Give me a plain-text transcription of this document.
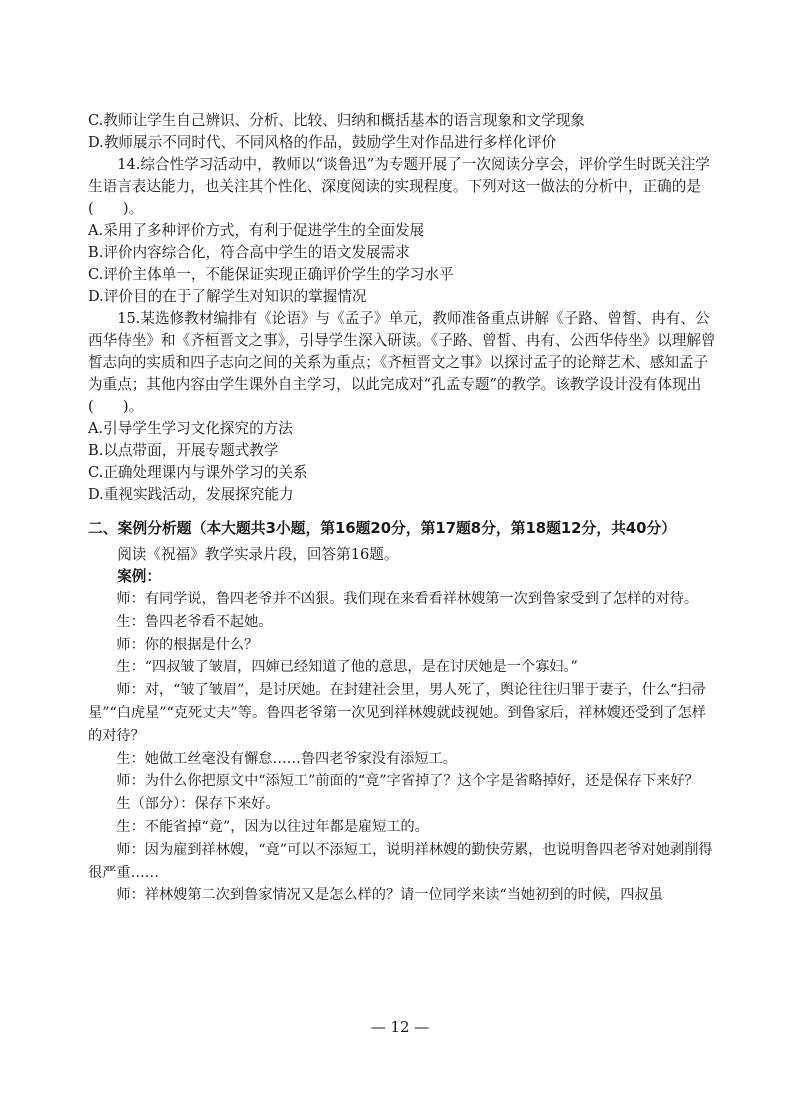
C.教师让学生自己辨识、分析、比较、归纳和概括基本的语言现象和文学现象
D.教师展示不同时代、不同风格的作品，鼓励学生对作品进行多样化评价
14.综合性学习活动中，教师以“谈鲁迅”为专题开展了一次阅读分享会，评价学生时既关注学生语言表达能力，也关注其个性化、深度阅读的实现程度。下列对这一做法的分析中，正确的是(　　)。
A.采用了多种评价方式，有利于促进学生的全面发展
B.评价内容综合化，符合高中学生的语文发展需求
C.评价主体单一，不能保证实现正确评价学生的学习水平
D.评价目的在于了解学生对知识的掌握情况
15.某选修教材编排有《论语》与《孟子》单元，教师准备重点讲解《子路、曾皙、冉有、公西华侍坐》和《齐桓晋文之事》，引导学生深入研读。《子路、曾皙、冉有、公西华侍坐》以理解曾皙志向的实质和四子志向之间的关系为重点；《齐桓晋文之事》以探讨孟子的论辩艺术、感知孟子为重点；其他内容由学生课外自主学习，以此完成对“孔孟专题”的教学。该教学设计没有体现出(　　)。
A.引导学生学习文化探究的方法
B.以点带面，开展专题式教学
C.正确处理课内与课外学习的关系
D.重视实践活动，发展探究能力
二、案例分析题（本大题共3小题，第16题20分，第17题8分，第18题12分，共40分）
阅读《祝福》教学实录片段，回答第16题。
案例：
师：有同学说，鲁四老爷并不凶狠。我们现在来看看祥林嫂第一次到鲁家受到了怎样的对待。
生：鲁四老爷看不起她。
师：你的根据是什么？
生：“四叔皱了皱眉，四婶已经知道了他的意思，是在讨厌她是一个寡妇。”
师：对，“皱了皱眉”，是讨厌她。在封建社会里，男人死了，舆论往往归罪于妻子，什么“扫帚星”“白虎星”“克死丈夫”等。鲁四老爷第一次见到祥林嫂就歧视她。到鲁家后，祥林嫂还受到了怎样的对待？
生：她做工丝毫没有懈怠……鲁四老爷家没有添短工。
师：为什么你把原文中“添短工”前面的“竟”字省掉了？这个字是省略掉好，还是保存下来好？
生（部分）：保存下来好。
生：不能省掉“竟”，因为以往过年都是雇短工的。
师：因为雇到祥林嫂，“竟”可以不添短工，说明祥林嫂的勤快劳累，也说明鲁四老爷对她剥削得很严重……
师：祥林嫂第二次到鲁家情况又是怎么样的？请一位同学来读“当她初到的时候，四叔虽
— 12 —
